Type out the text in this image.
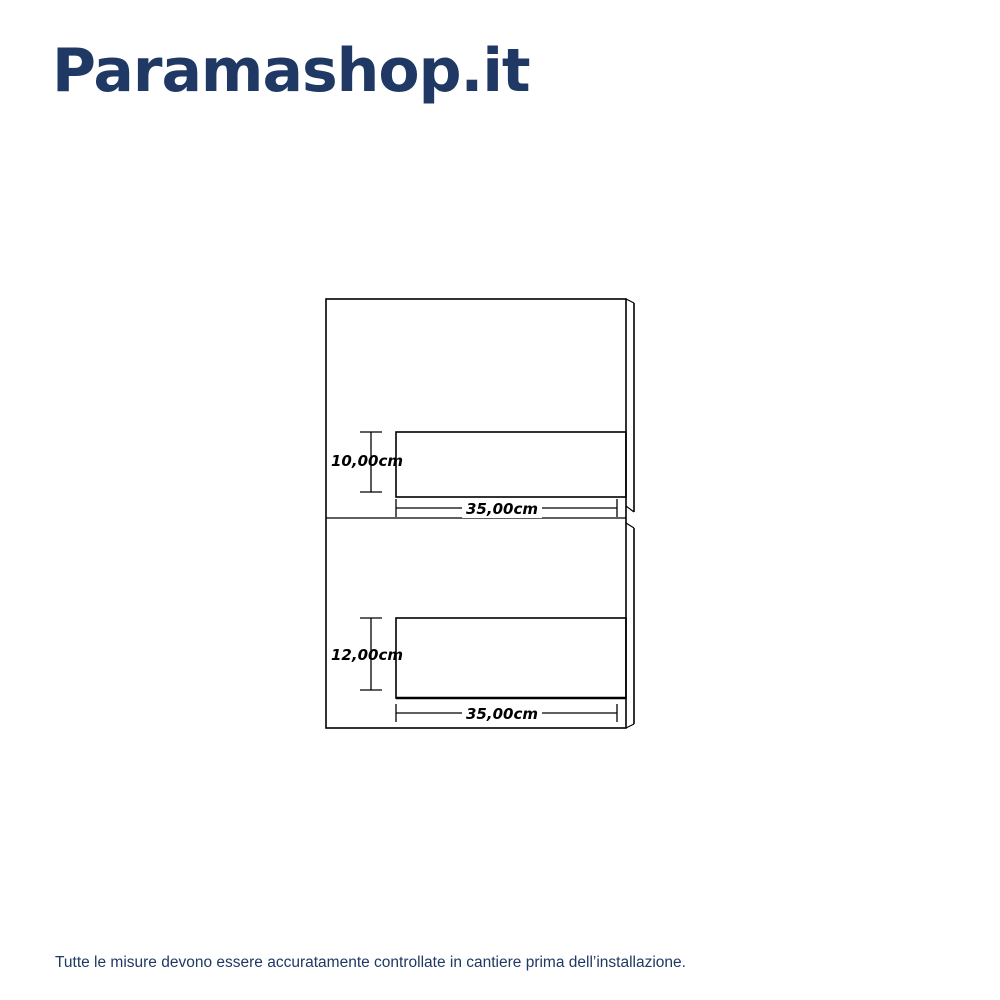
Paramashop.it
10,00cm
35,00cm
12,00cm
35,00cm
Tutte le misure devono essere accuratamente controllate in cantiere prima dell’installazione.
